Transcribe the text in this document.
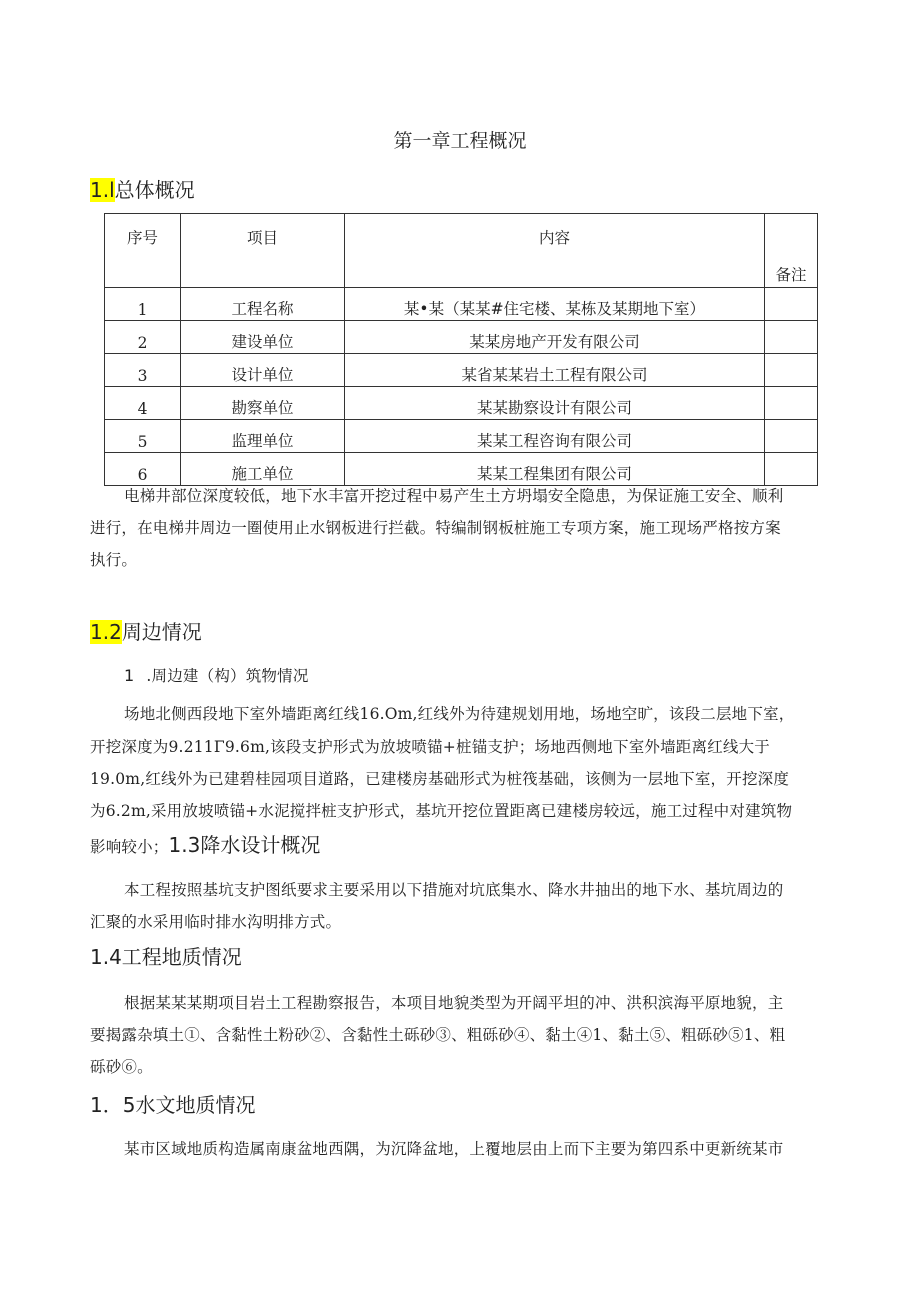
第一章工程概况
1.l总体概况
序号	项目	内容	备注
1	工程名称	某•某（某某#住宅楼、某栋及某期地下室）	
2	建设单位	某某房地产开发有限公司	
3	设计单位	某省某某岩土工程有限公司	
4	勘察单位	某某勘察设计有限公司	
5	监理单位	某某工程咨询有限公司	
6	施工单位	某某工程集团有限公司	
电梯井部位深度较低，地下水丰富开挖过程中易产生土方坍塌安全隐患，为保证施工安全、顺利
进行，在电梯井周边一圈使用止水钢板进行拦截。特编制钢板桩施工专项方案，施工现场严格按方案
执行。
1.2周边情况
1 .周边建（构）筑物情况
场地北侧西段地下室外墙距离红线16.Om,红线外为待建规划用地，场地空旷，该段二层地下室，
开挖深度为9.211Γ9.6m,该段支护形式为放坡喷锚+桩锚支护；场地西侧地下室外墙距离红线大于
19.0m,红线外为已建碧桂园项目道路，已建楼房基础形式为桩筏基础，该侧为一层地下室，开挖深度
为6.2m,采用放坡喷锚+水泥搅拌桩支护形式，基坑开挖位置距离已建楼房较远，施工过程中对建筑物
影响较小；1.3降水设计概况
本工程按照基坑支护图纸要求主要采用以下措施对坑底集水、降水井抽出的地下水、基坑周边的
汇聚的水采用临时排水沟明排方式。
1.4工程地质情况
根据某某某期项目岩土工程勘察报告，本项目地貌类型为开阔平坦的冲、洪积滨海平原地貌，主
要揭露杂填土①、含黏性土粉砂②、含黏性土砾砂③、粗砾砂④、黏土④1、黏土⑤、粗砾砂⑤1、粗
砾砂⑥。
1．5水文地质情况
某市区域地质构造属南康盆地西隅，为沉降盆地，上覆地层由上而下主要为第四系中更新统某市
